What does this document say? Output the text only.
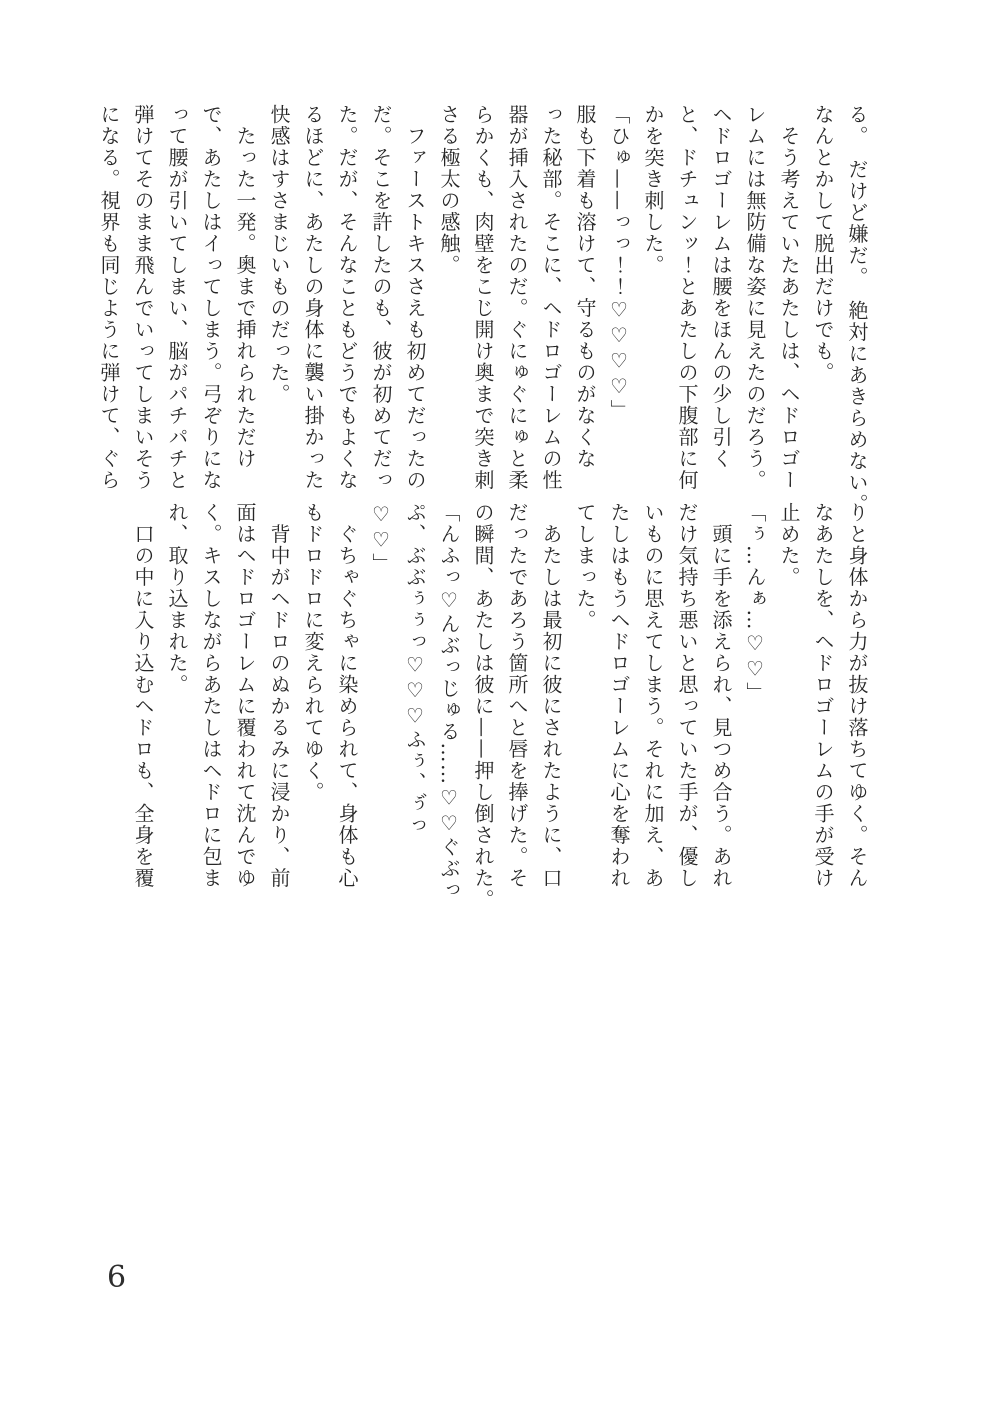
る。 だけど嫌だ。 絶対にあきらめない。

なんとかして脱出だけでも。

　そう考えていたあたしは、ヘドロゴー

レムには無防備な姿に見えたのだろう。

ヘドロゴーレムは腰をほんの少し引く

と、ドチュンッ！とあたしの下腹部に何

かを突き刺した。

「ひゅ——っっ！！♡♡♡♡」

服も下着も溶けて、守るものがなくな

った秘部。そこに、ヘドロゴーレムの性

器が挿入されたのだ。ぐにゅぐにゅと柔

らかくも、肉壁をこじ開け奥まで突き刺

さる極太の感触。

　ファーストキスさえも初めてだったの

だ。そこを許したのも、彼が初めてだっ

た。だが、そんなこともどうでもよくな

るほどに、あたしの身体に襲い掛かった

快感はすさまじいものだった。

　たった一発。奥まで挿れられただけ

で、あたしはイってしまう。弓ぞりにな

って腰が引いてしまい、脳がパチパチと

弾けてそのまま飛んでいってしまいそう

になる。視界も同じように弾けて、ぐら

りと身体から力が抜け落ちてゆく。そん

なあたしを、ヘドロゴーレムの手が受け

止めた。

「ぅ…んぁ…♡♡」

　頭に手を添えられ、見つめ合う。あれ

だけ気持ち悪いと思っていた手が、優し

いものに思えてしまう。それに加え、あ

たしはもうヘドロゴーレムに心を奪われ

てしまった。

　あたしは最初に彼にされたように、口

だったであろう箇所へと唇を捧げた。そ

の瞬間、あたしは彼に——押し倒された。

「んふっ♡んぶっじゅる……♡♡ぐぶっ

ぷ、ぶぶぅぅっ♡♡♡ふぅ、ぅ゙っ

♡♡」

　ぐちゃぐちゃに染められて、身体も心

もドロドロに変えられてゆく。

　背中がヘドロのぬかるみに浸かり、前

面はヘドロゴーレムに覆われて沈んでゆ

く。キスしながらあたしはヘドロに包ま

れ、取り込まれた。

　口の中に入り込むヘドロも、全身を覆

6
